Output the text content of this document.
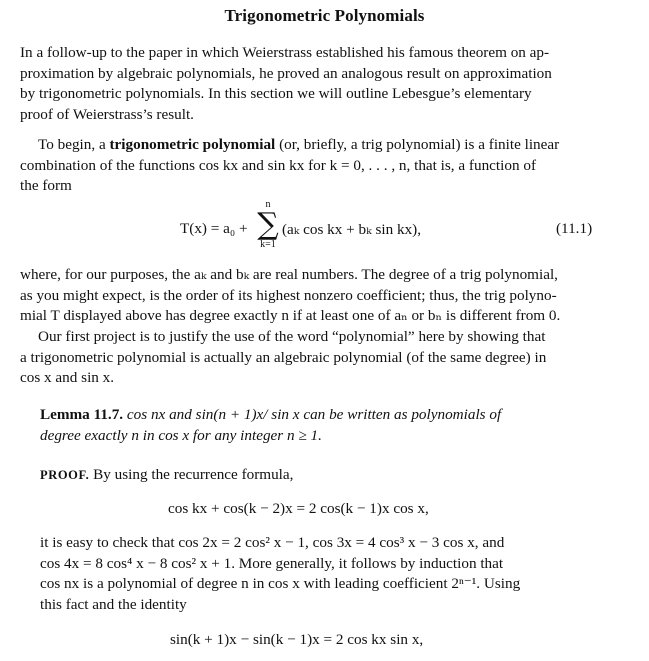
Trigonometric Polynomials
In a follow-up to the paper in which Weierstrass established his famous theorem on ap-
proximation by algebraic polynomials, he proved an analogous result on approximation
by trigonometric polynomials. In this section we will outline Lebesgue’s elementary
proof of Weierstrass’s result.
To begin, a trigonometric polynomial (or, briefly, a trig polynomial) is a finite linear
combination of the functions cos kx and sin kx for k = 0, . . . , n, that is, a function of
the form
T(x) = a₀ +
n
∑
k=1
(aₖ cos kx + bₖ sin kx),	(11.1)
where, for our purposes, the aₖ and bₖ are real numbers. The degree of a trig polynomial,
as you might expect, is the order of its highest nonzero coefficient; thus, the trig polyno-
mial T displayed above has degree exactly n if at least one of aₙ or bₙ is different from 0.
Our first project is to justify the use of the word “polynomial” here by showing that
a trigonometric polynomial is actually an algebraic polynomial (of the same degree) in
cos x and sin x.
Lemma 11.7. cos nx and sin(n + 1)x/ sin x can be written as polynomials of
degree exactly n in cos x for any integer n ≥ 1.
PROOF. By using the recurrence formula,
cos kx + cos(k − 2)x = 2 cos(k − 1)x cos x,
it is easy to check that cos 2x = 2 cos² x − 1, cos 3x = 4 cos³ x − 3 cos x, and
cos 4x = 8 cos⁴ x − 8 cos² x + 1. More generally, it follows by induction that
cos nx is a polynomial of degree n in cos x with leading coefficient 2ⁿ⁻¹. Using
this fact and the identity
sin(k + 1)x − sin(k − 1)x = 2 cos kx sin x,
